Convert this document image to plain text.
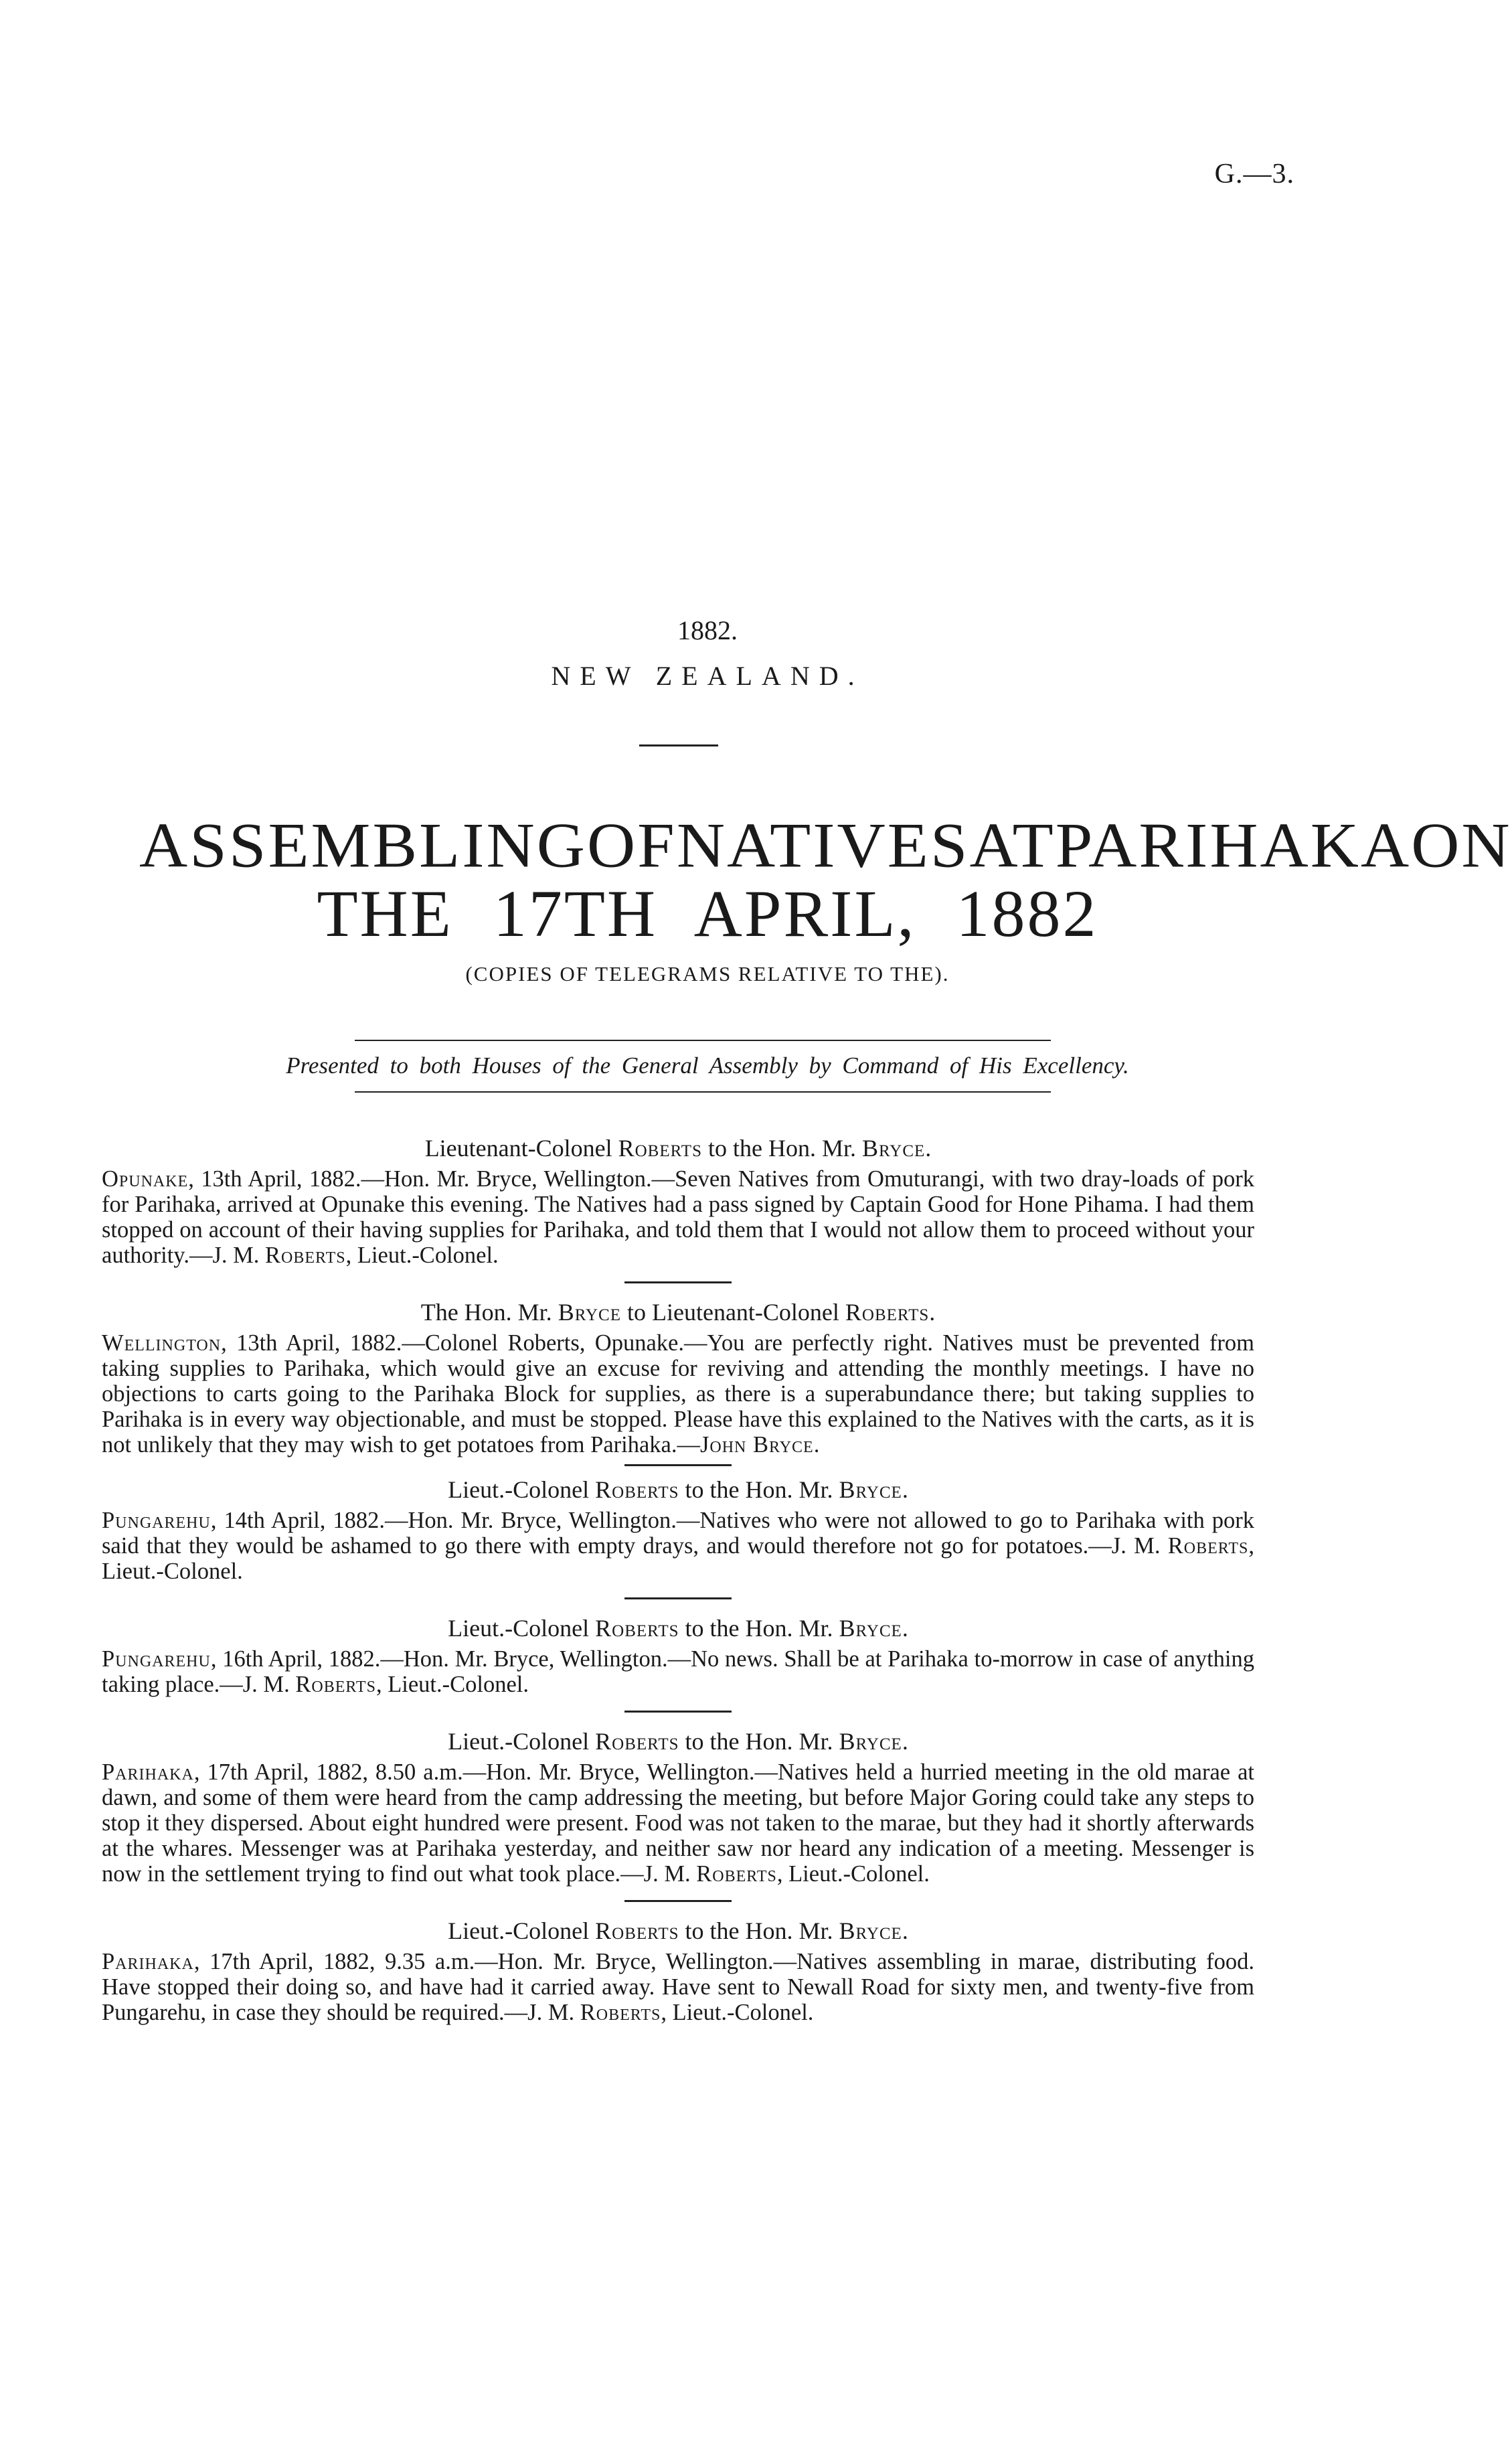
G.—3.
1882.
NEW ZEALAND.
ASSEMBLING OF NATIVES AT PARIHAKA ON
THE 17TH APRIL, 1882
(COPIES OF TELEGRAMS RELATIVE TO THE).
Presented to both Houses of the General Assembly by Command of His Excellency.
Lieutenant-Colonel Roberts to the Hon. Mr. Bryce.
Opunake, 13th April, 1882.—Hon. Mr. Bryce, Wellington.—Seven Natives from Omuturangi, with two dray-loads of pork for Parihaka, arrived at Opunake this evening. The Natives had a pass signed by Captain Good for Hone Pihama. I had them stopped on account of their having supplies for Parihaka, and told them that I would not allow them to proceed without your authority.—J. M. Roberts, Lieut.-Colonel.
The Hon. Mr. Bryce to Lieutenant-Colonel Roberts.
Wellington, 13th April, 1882.—Colonel Roberts, Opunake.—You are perfectly right. Natives must be prevented from taking supplies to Parihaka, which would give an excuse for reviving and attending the monthly meetings. I have no objections to carts going to the Parihaka Block for supplies, as there is a superabundance there; but taking supplies to Parihaka is in every way objectionable, and must be stopped. Please have this explained to the Natives with the carts, as it is not unlikely that they may wish to get potatoes from Parihaka.—John Bryce.
Lieut.-Colonel Roberts to the Hon. Mr. Bryce.
Pungarehu, 14th April, 1882.—Hon. Mr. Bryce, Wellington.—Natives who were not allowed to go to Parihaka with pork said that they would be ashamed to go there with empty drays, and would therefore not go for potatoes.—J. M. Roberts, Lieut.-Colonel.
Lieut.-Colonel Roberts to the Hon. Mr. Bryce.
Pungarehu, 16th April, 1882.—Hon. Mr. Bryce, Wellington.—No news. Shall be at Parihaka to-morrow in case of anything taking place.—J. M. Roberts, Lieut.-Colonel.
Lieut.-Colonel Roberts to the Hon. Mr. Bryce.
Parihaka, 17th April, 1882, 8.50 a.m.—Hon. Mr. Bryce, Wellington.—Natives held a hurried meeting in the old marae at dawn, and some of them were heard from the camp addressing the meeting, but before Major Goring could take any steps to stop it they dispersed. About eight hundred were present. Food was not taken to the marae, but they had it shortly afterwards at the whares. Messenger was at Parihaka yesterday, and neither saw nor heard any indication of a meeting. Messenger is now in the settlement trying to find out what took place.—J. M. Roberts, Lieut.-Colonel.
Lieut.-Colonel Roberts to the Hon. Mr. Bryce.
Parihaka, 17th April, 1882, 9.35 a.m.—Hon. Mr. Bryce, Wellington.—Natives assembling in marae, distributing food. Have stopped their doing so, and have had it carried away. Have sent to Newall Road for sixty men, and twenty-five from Pungarehu, in case they should be required.—J. M. Roberts, Lieut.-Colonel.
